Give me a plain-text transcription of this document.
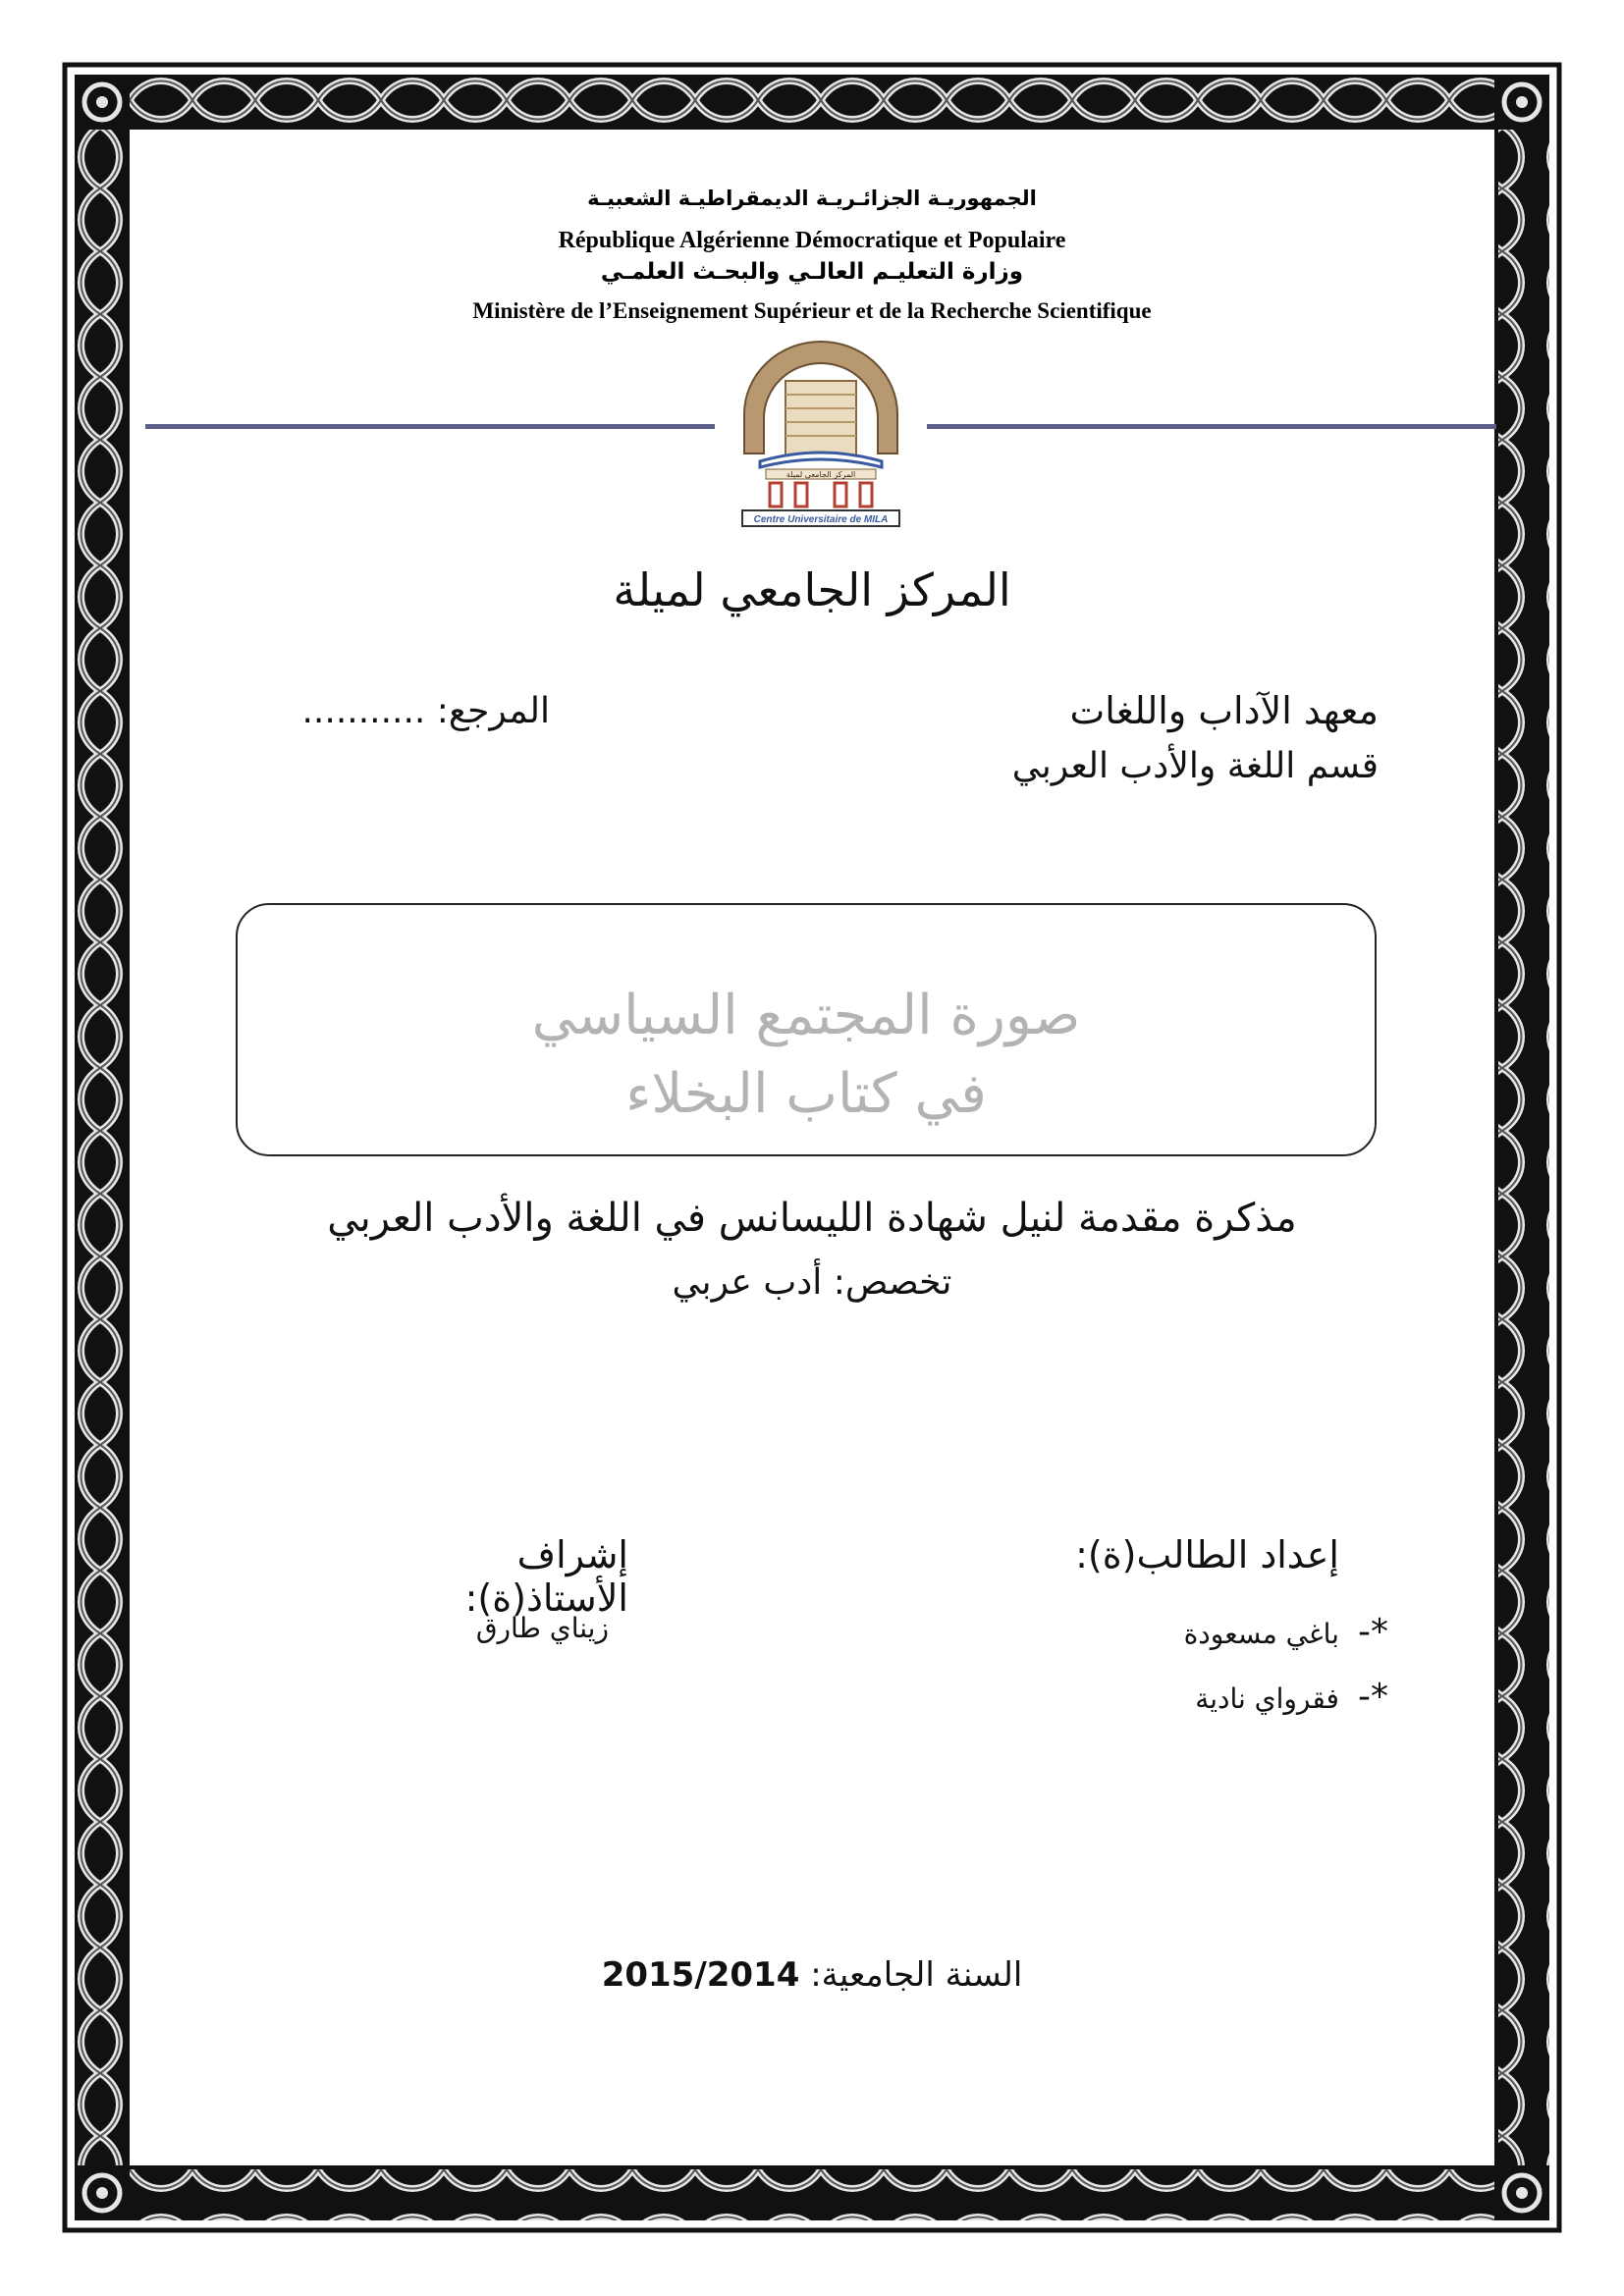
الجمهوريـة الجزائـريـة الديمقراطيـة الشعبيـة
République Algérienne Démocratique et Populaire
وزارة التعليـم العالـي والبحـث العلمـي
Ministère de l’Enseignement Supérieur et de la Recherche Scientifique
المركز الجامعي لميلة
Centre Universitaire de MILA
المركز الجامعي لميلة
معهد الآداب واللغات
قسم اللغة والأدب العربي
المرجع: ...........
صورة المجتمع السياسي
في كتاب البخلاء
مذكرة مقدمة لنيل شهادة الليسانس في اللغة والأدب العربي
تخصص: أدب عربي
إعداد الطالب(ة):
*- باغي مسعودة
*- فقرواي نادية
إشراف الأستاذ(ة):
زيناي طارق
السنة الجامعية: 2015/2014
